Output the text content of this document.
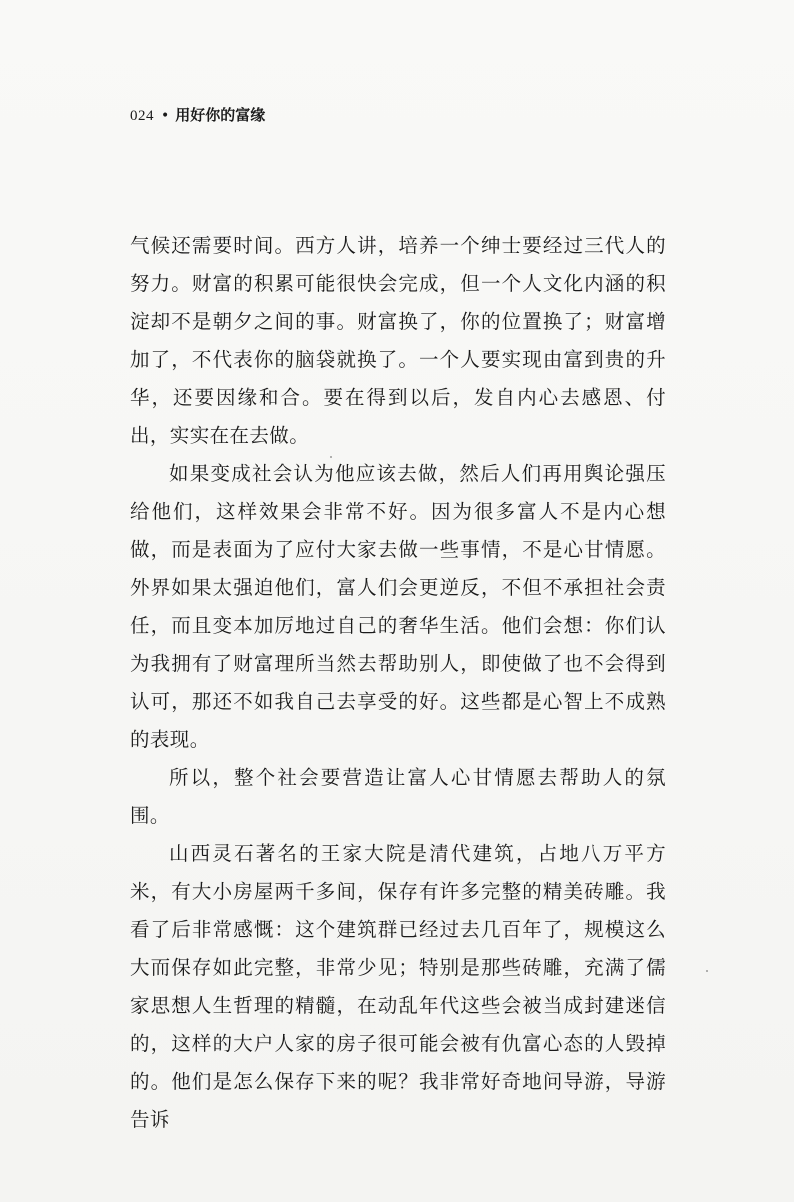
024 • 用好你的富缘

气候还需要时间。西方人讲，培养一个绅士要经过三代人的努力。财富的积累可能很快会完成，但一个人文化内涵的积淀却不是朝夕之间的事。财富换了，你的位置换了；财富增加了，不代表你的脑袋就换了。一个人要实现由富到贵的升华，还要因缘和合。要在得到以后，发自内心去感恩、付出，实实在在去做。

如果变成社会认为他应该去做，然后人们再用舆论强压给他们，这样效果会非常不好。因为很多富人不是内心想做，而是表面为了应付大家去做一些事情，不是心甘情愿。外界如果太强迫他们，富人们会更逆反，不但不承担社会责任，而且变本加厉地过自己的奢华生活。他们会想：你们认为我拥有了财富理所当然去帮助别人，即使做了也不会得到认可，那还不如我自己去享受的好。这些都是心智上不成熟的表现。

所以，整个社会要营造让富人心甘情愿去帮助人的氛围。

山西灵石著名的王家大院是清代建筑，占地八万平方米，有大小房屋两千多间，保存有许多完整的精美砖雕。我看了后非常感慨：这个建筑群已经过去几百年了，规模这么大而保存如此完整，非常少见；特别是那些砖雕，充满了儒家思想人生哲理的精髓，在动乱年代这些会被当成封建迷信的，这样的大户人家的房子很可能会被有仇富心态的人毁掉的。他们是怎么保存下来的呢？我非常好奇地问导游，导游告诉
